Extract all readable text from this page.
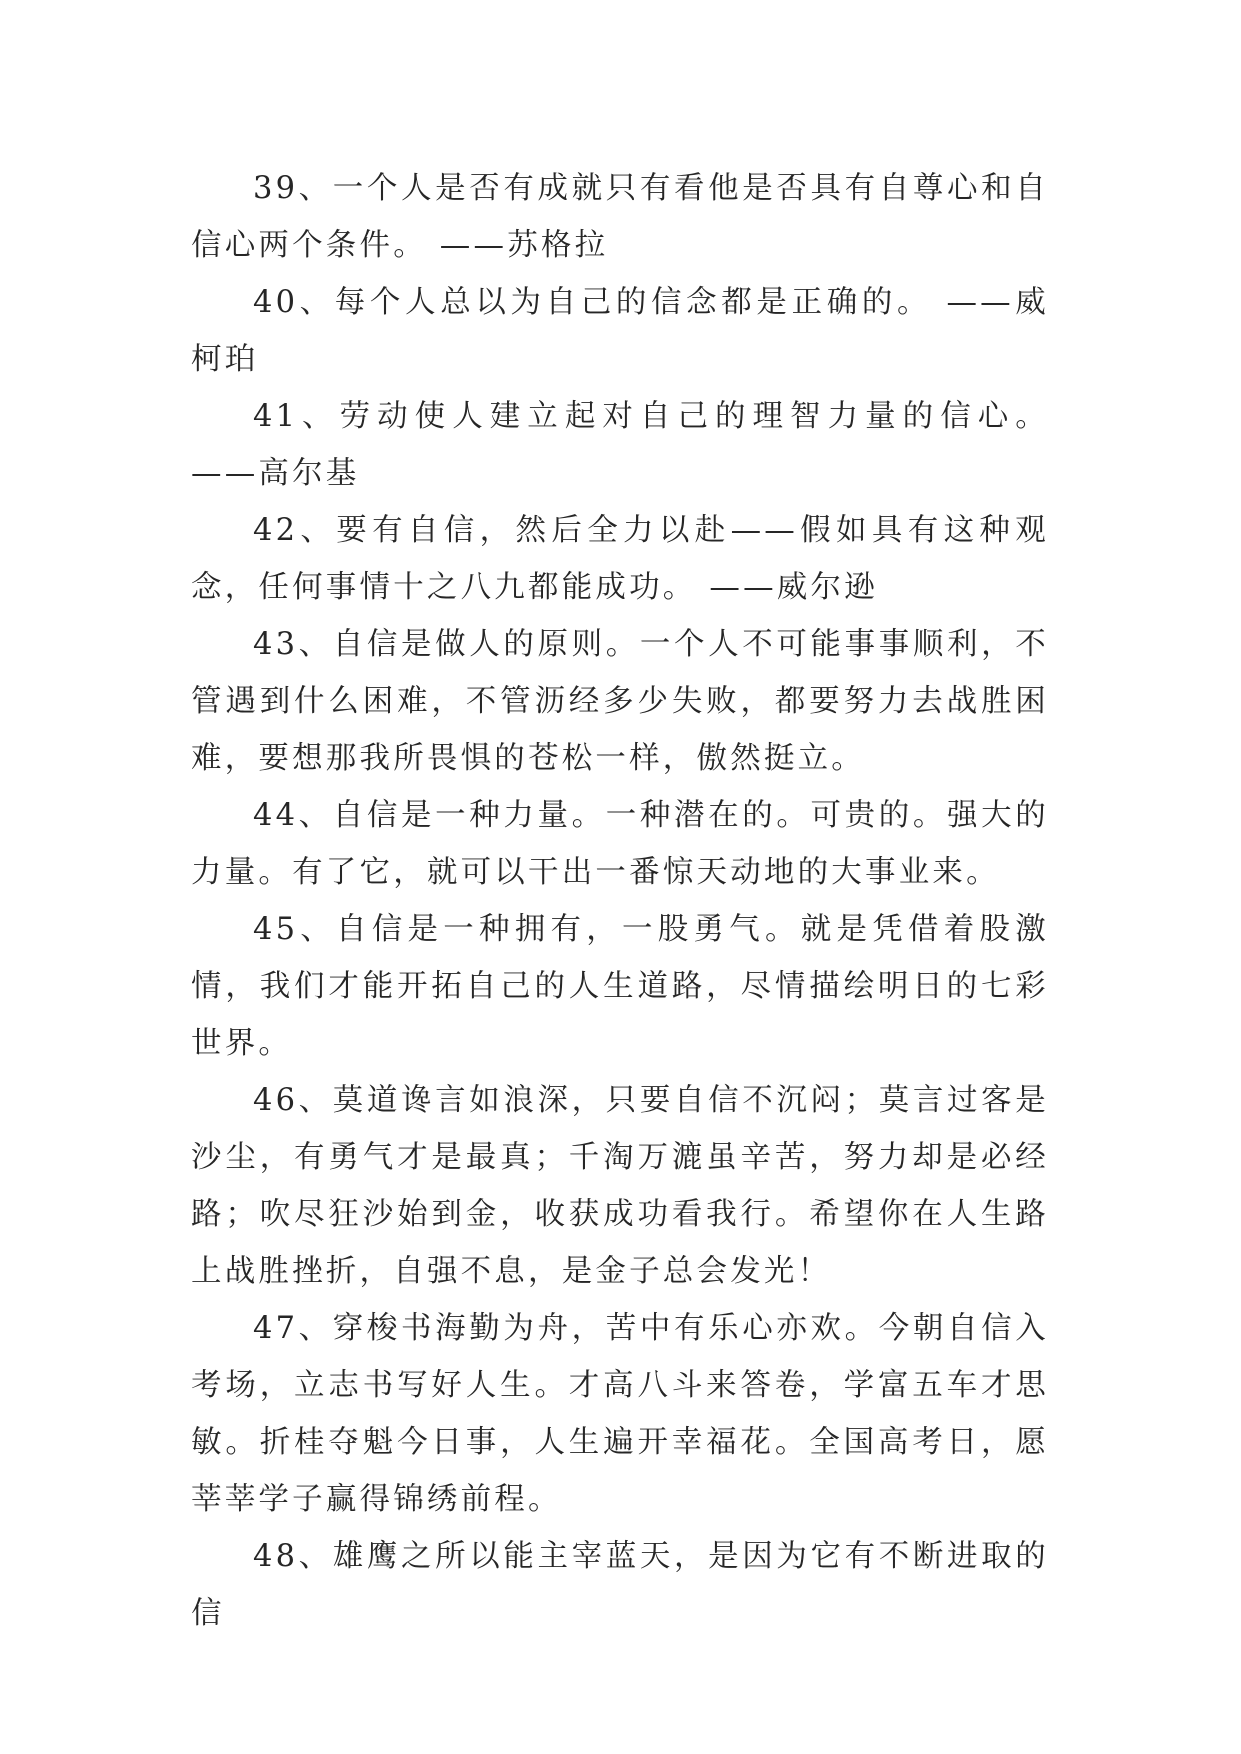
39、一个人是否有成就只有看他是否具有自尊心和自信心两个条件。 ——苏格拉

40、每个人总以为自己的信念都是正确的。 ——威柯珀

41、劳动使人建立起对自己的理智力量的信心。 ——高尔基

42、要有自信，然后全力以赴——假如具有这种观念，任何事情十之八九都能成功。 ——威尔逊

43、自信是做人的原则。一个人不可能事事顺利，不管遇到什么困难，不管沥经多少失败，都要努力去战胜困难，要想那我所畏惧的苍松一样，傲然挺立。

44、自信是一种力量。一种潜在的。可贵的。强大的力量。有了它，就可以干出一番惊天动地的大事业来。

45、自信是一种拥有，一股勇气。就是凭借着股激情，我们才能开拓自己的人生道路，尽情描绘明日的七彩世界。

46、莫道谗言如浪深，只要自信不沉闷；莫言过客是沙尘，有勇气才是最真；千淘万漉虽辛苦，努力却是必经路；吹尽狂沙始到金，收获成功看我行。希望你在人生路上战胜挫折，自强不息，是金子总会发光！

47、穿梭书海勤为舟，苦中有乐心亦欢。今朝自信入考场，立志书写好人生。才高八斗来答卷，学富五车才思敏。折桂夺魁今日事，人生遍开幸福花。全国高考日，愿莘莘学子赢得锦绣前程。

48、雄鹰之所以能主宰蓝天，是因为它有不断进取的信
